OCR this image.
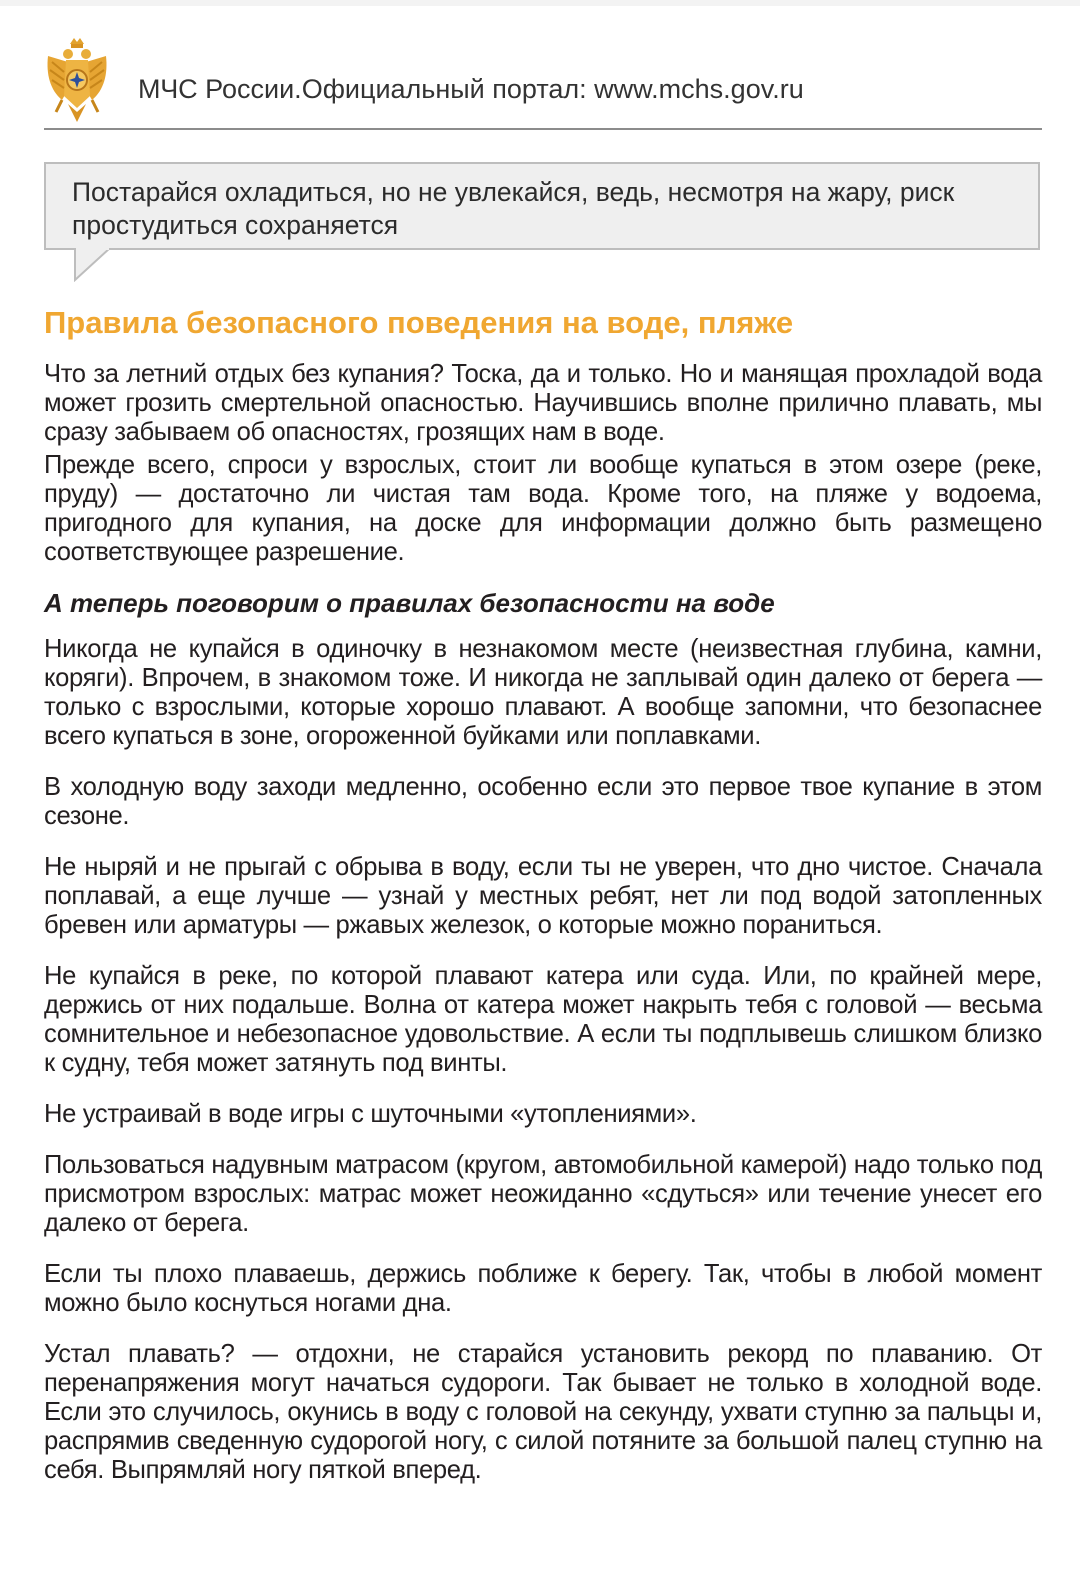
МЧС России.Официальный портал: www.mchs.gov.ru
Постарайся охладиться, но не увлекайся, ведь, несмотря на жару, риск простудиться сохраняется
Правила безопасного поведения на воде, пляже

Что за летний отдых без купания? Тоска, да и только. Но и манящая прохладой вода может грозить смертельной опасностью. Научившись вполне прилично плавать, мы сразу забываем об опасностях, грозящих нам в воде.

Прежде всего, спроси у взрослых, стоит ли вообще купаться в этом озере (реке, пруду) — достаточно ли чистая там вода. Кроме того, на пляже у водоема, пригодного для купания, на доске для информации должно быть размещено соответствующее разрешение.

А теперь поговорим о правилах безопасности на воде

Никогда не купайся в одиночку в незнакомом месте (неизвестная глубина, камни, коряги). Впрочем, в знакомом тоже. И никогда не заплывай один далеко от берега — только с взрослыми, которые хорошо плавают. А вообще запомни, что безопаснее всего купаться в зоне, огороженной буйками или поплавками.

В холодную воду заходи медленно, особенно если это первое твое купание в этом сезоне.

Не ныряй и не прыгай с обрыва в воду, если ты не уверен, что дно чистое. Сначала поплавай, а еще лучше — узнай у местных ребят, нет ли под водой затопленных бревен или арматуры — ржавых железок, о которые можно пораниться.

Не купайся в реке, по которой плавают катера или суда. Или, по крайней мере, держись от них подальше. Волна от катера может накрыть тебя с головой — весьма сомнительное и небезопасное удовольствие. А если ты подплывешь слишком близко к судну, тебя может затянуть под винты.

Не устраивай в воде игры с шуточными «утоплениями».

Пользоваться надувным матрасом (кругом, автомобильной камерой) надо только под присмотром взрослых: матрас может неожиданно «сдуться» или течение унесет его далеко от берега.

Если ты плохо плаваешь, держись поближе к берегу. Так, чтобы в любой момент можно было коснуться ногами дна.

Устал плавать? — отдохни, не старайся установить рекорд по плаванию. От перенапряжения могут начаться судороги. Так бывает не только в холодной воде. Если это случилось, окунись в воду с головой на секунду, ухвати ступню за пальцы и, распрямив сведенную судорогой ногу, с силой потяните за большой палец ступню на себя. Выпрямляй ногу пяткой вперед.
